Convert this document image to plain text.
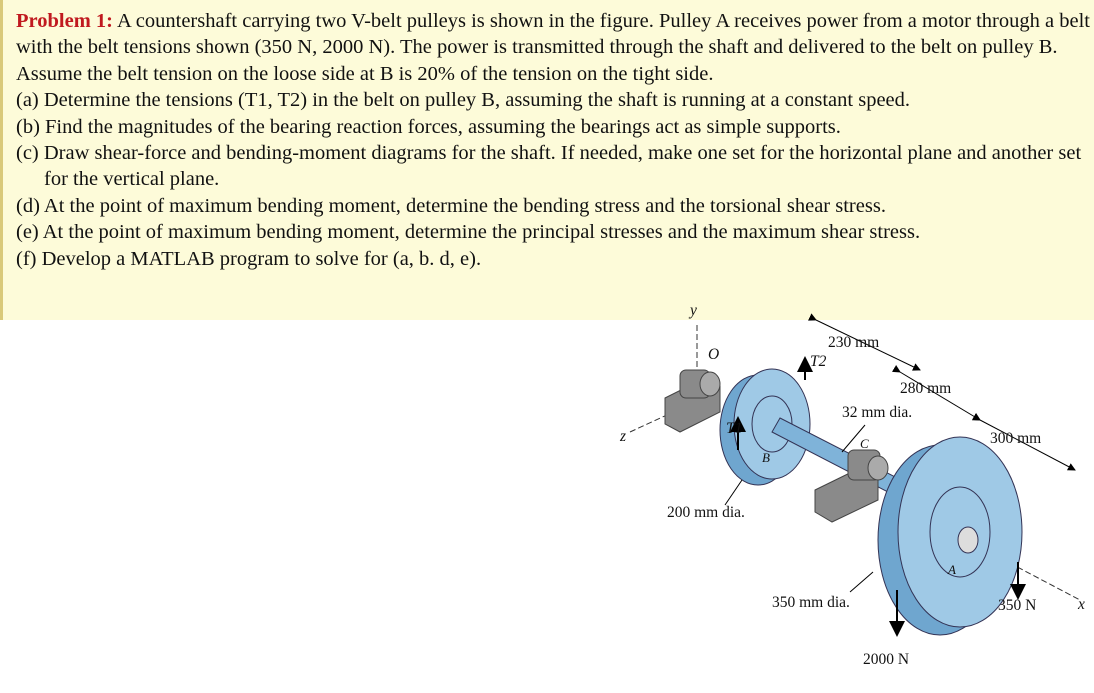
Problem 1: A countershaft carrying two V-belt pulleys is shown in the figure. Pulley A receives power from a motor through a belt with the belt tensions shown (350 N, 2000 N). The power is transmitted through the shaft and delivered to the belt on pulley B. Assume the belt tension on the loose side at B is 20% of the tension on the tight side.

(a) Determine the tensions (T1, T2) in the belt on pulley B, assuming the shaft is running at a constant speed.

(b) Find the magnitudes of the bearing reaction forces, assuming the bearings act as simple supports.

(c) Draw shear-force and bending-moment diagrams for the shaft. If needed, make one set for the horizontal plane and another set for the vertical plane.

(d) At the point of maximum bending moment, determine the bending stress and the torsional shear stress.

(e) At the point of maximum bending moment, determine the principal stresses and the maximum shear stress.

(f) Develop a MATLAB program to solve for (a, b. d, e).

y
z
x
O
T1
T2
B
C
A
230 mm
280 mm
300 mm
32 mm dia.
200 mm dia.
350 mm dia.
2000 N
350 N
